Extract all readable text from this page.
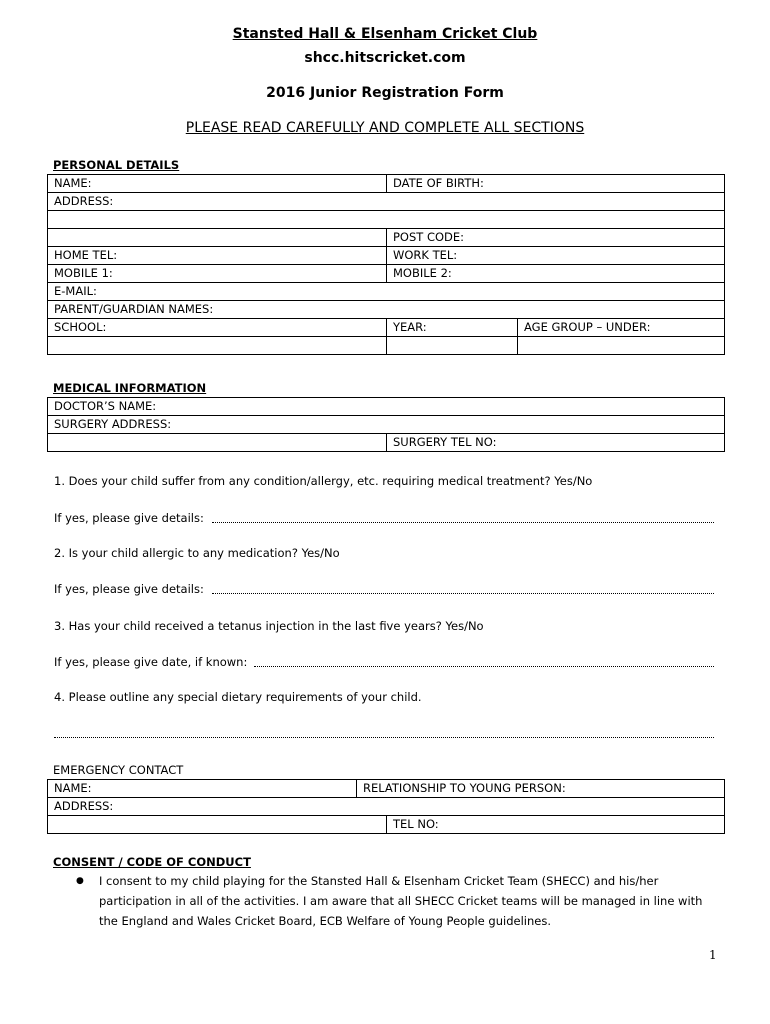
Stansted Hall & Elsenham Cricket Club
shcc.hitscricket.com
2016 Junior Registration Form
PLEASE READ CAREFULLY AND COMPLETE ALL SECTIONS
PERSONAL DETAILS
NAME:	DATE OF BIRTH:	
ADDRESS:		

	POST CODE:	
HOME TEL:	WORK TEL:	
MOBILE 1:	MOBILE 2:	
E-MAIL:		
PARENT/GUARDIAN NAMES:		
SCHOOL:	YEAR:	AGE GROUP – UNDER:

MEDICAL INFORMATION
DOCTOR’S NAME:
SURGERY ADDRESS:
	SURGERY TEL NO:
1. Does your child suffer from any condition/allergy, etc. requiring medical treatment? Yes/No
If yes, please give details:
2. Is your child allergic to any medication? Yes/No
If yes, please give details:
3. Has your child received a tetanus injection in the last five years? Yes/No
If yes, please give date, if known:
4. Please outline any special dietary requirements of your child.
EMERGENCY CONTACT
NAME:	RELATIONSHIP TO YOUNG PERSON:	
ADDRESS:		
		TEL NO:
CONSENT / CODE OF CONDUCT
● I consent to my child playing for the Stansted Hall & Elsenham Cricket Team (SHECC) and his/her participation in all of the activities. I am aware that all SHECC Cricket teams will be managed in line with the England and Wales Cricket Board, ECB Welfare of Young People guidelines.
1
